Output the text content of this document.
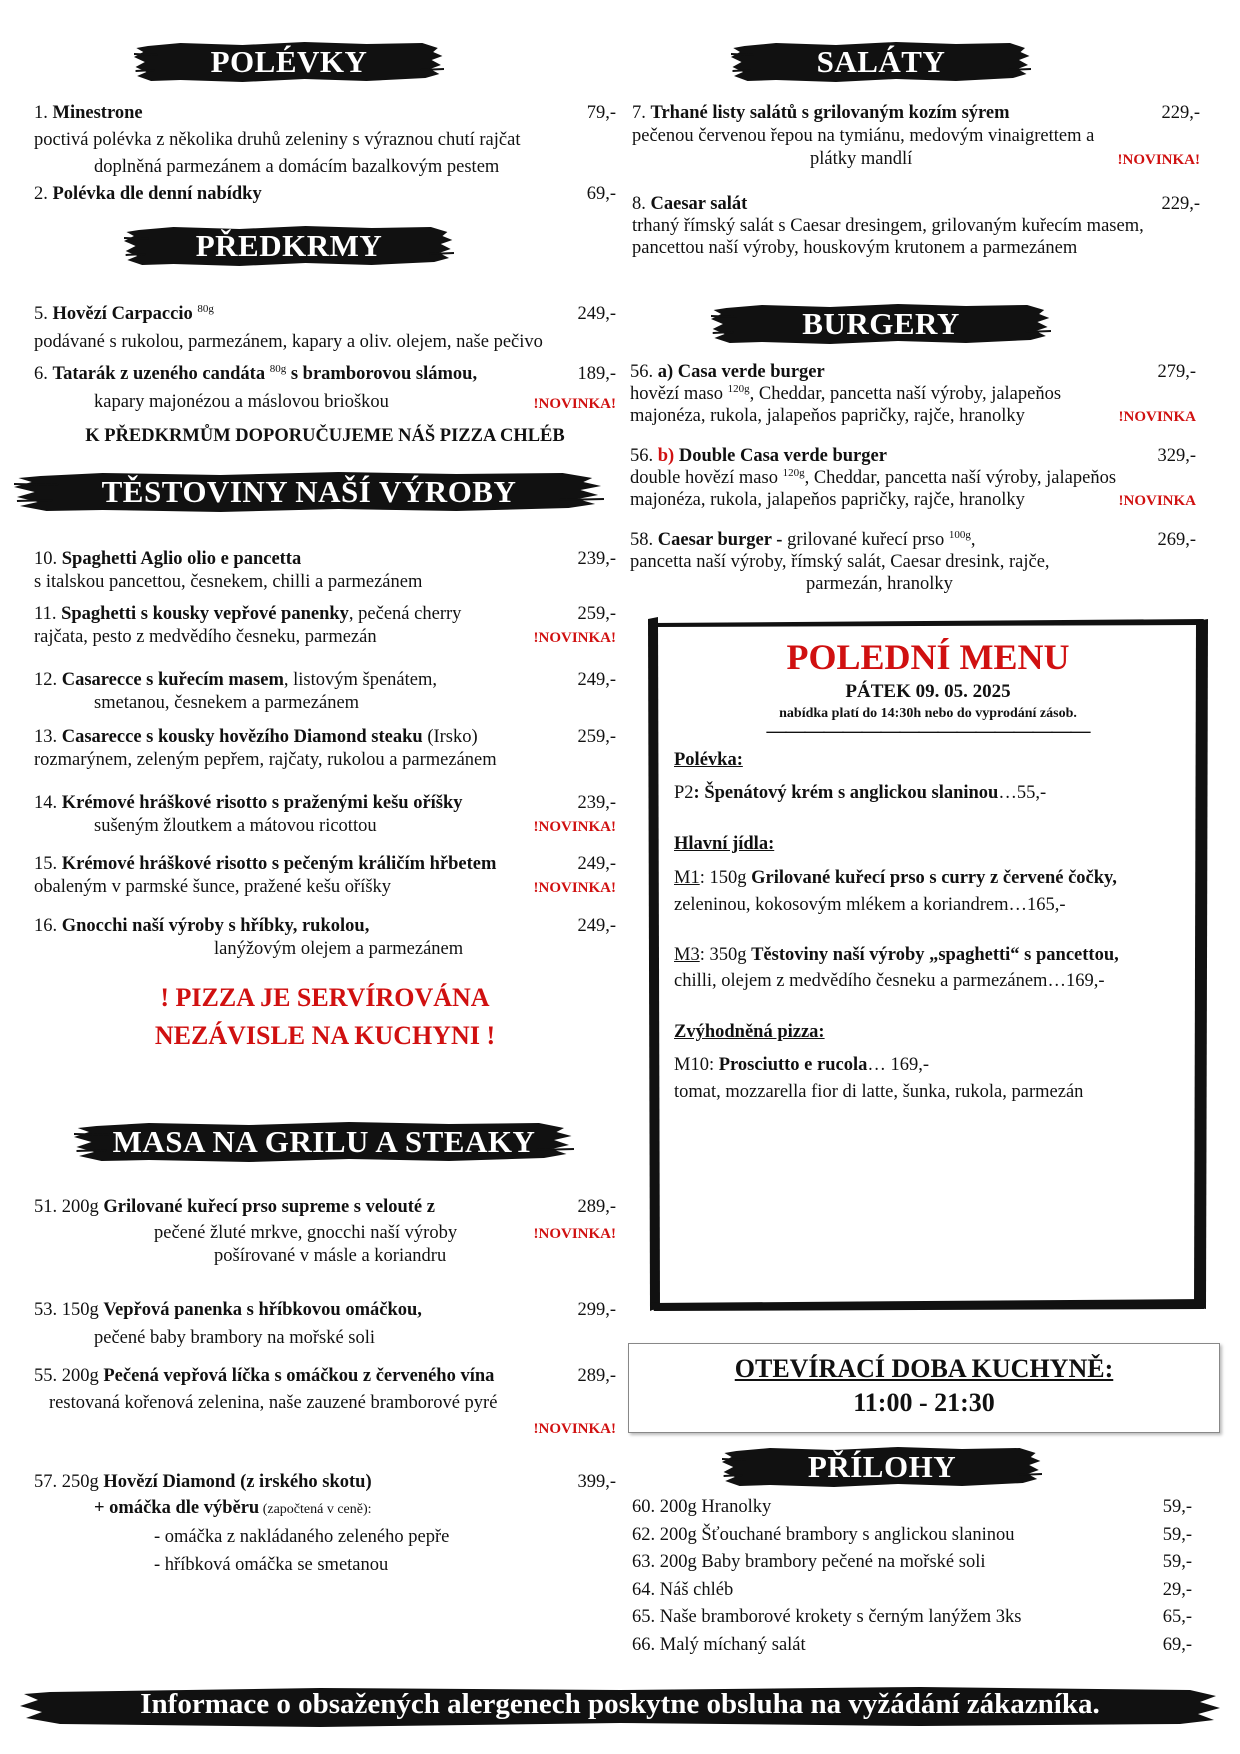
POLÉVKY
1. Minestrone	79,-
poctivá polévka z několika druhů zeleniny s výraznou chutí rajčat
doplněná parmezánem a domácím bazalkovým pestem
2. Polévka dle denní nabídky	69,-
PŘEDKRMY
5. Hovězí Carpaccio $^{80g}$	249,-
podávané s rukolou, parmezánem, kapary a oliv. olejem, naše pečivo
6. Tatarák z uzeného candáta $^{80g}$ s bramborovou slámou,	189,-
kapary majonézou a máslovou brioškou	!NOVINKA!
K PŘEDKRMŮM DOPORUČUJEME NÁŠ PIZZA CHLÉB
TĚSTOVINY NAŠÍ VÝROBY
10. Spaghetti Aglio olio e pancetta	239,-
s italskou pancettou, česnekem, chilli a parmezánem
11. Spaghetti s kousky vepřové panenky, pečená cherry	259,-
rajčata, pesto z medvědího česneku, parmezán	!NOVINKA!
12. Casarecce s kuřecím masem, listovým špenátem,	249,-
smetanou, česnekem a parmezánem
13. Casarecce s kousky hovězího Diamond steaku (Irsko)	259,-
rozmarýnem, zeleným pepřem, rajčaty, rukolou a parmezánem
14. Krémové hráškové risotto s praženými kešu oříšky	239,-
sušeným žloutkem a mátovou ricottou	!NOVINKA!
15. Krémové hráškové risotto s pečeným králičím hřbetem	249,-
obaleným v parmské šunce, pražené kešu oříšky	!NOVINKA!
16. Gnocchi naší výroby s hříbky, rukolou,	249,-
lanýžovým olejem a parmezánem
! PIZZA JE SERVÍROVÁNA
NEZÁVISLE NA KUCHYNI !
MASA NA GRILU A STEAKY
51. 200g Grilované kuřecí prso supreme s velouté z	289,-
pečené žluté mrkve, gnocchi naší výroby	!NOVINKA!
pošírované v másle a koriandru
53. 150g Vepřová panenka s hříbkovou omáčkou,	299,-
pečené baby brambory na mořské soli
55. 200g Pečená vepřová líčka s omáčkou z červeného vína	289,-
restovaná kořenová zelenina, naše zauzené bramborové pyré
!NOVINKA!
57. 250g Hovězí Diamond (z irského skotu)	399,-
+ omáčka dle výběru (započtená v ceně):
- omáčka z nakládaného zeleného pepře
- hříbková omáčka se smetanou
SALÁTY
7. Trhané listy salátů s grilovaným kozím sýrem	229,-
pečenou červenou řepou na tymiánu, medovým vinaigrettem a
plátky mandlí	!NOVINKA!
8. Caesar salát	229,-
trhaný římský salát s Caesar dresingem, grilovaným kuřecím masem,
pancettou naší výroby, houskovým krutonem a parmezánem
BURGERY
56. a) Casa verde burger	279,-
hovězí maso $^{120g}$, Cheddar, pancetta naší výroby, jalapeňos
majonéza, rukola, jalapeňos papričky, rajče, hranolky	!NOVINKA
56. b) Double Casa verde burger	329,-
double hovězí maso $^{120g}$, Cheddar, pancetta naší výroby, jalapeňos
majonéza, rukola, jalapeňos papričky, rajče, hranolky	!NOVINKA
58. Caesar burger - grilované kuřecí prso $^{100g}$,	269,-
pancetta naší výroby, římský salát, Caesar dresink, rajče,
parmezán, hranolky
POLEDNÍ MENU
PÁTEK 09. 05. 2025
nabídka platí do 14:30h nebo do vyprodání zásob.
—————————————————
Polévka:
P2: Špenátový krém s anglickou slaninou…55,-
Hlavní jídla:
M1: 150g Grilované kuřecí prso s curry z červené čočky,
zeleninou, kokosovým mlékem a koriandrem…165,-
M3: 350g Těstoviny naší výroby „spaghetti“ s pancettou,
chilli, olejem z medvědího česneku a parmezánem…169,-
Zvýhodněná pizza:
M10: Prosciutto e rucola… 169,-
tomat, mozzarella fior di latte, šunka, rukola, parmezán
OTEVÍRACÍ DOBA KUCHYNĚ:
11:00 - 21:30
PŘÍLOHY
60. 200g Hranolky	59,-
62. 200g Šťouchané brambory s anglickou slaninou	59,-
63. 200g Baby brambory pečené na mořské soli	59,-
64. Náš chléb	29,-
65. Naše bramborové krokety s černým lanýžem 3ks	65,-
66. Malý míchaný salát	69,-
Informace o obsažených alergenech poskytne obsluha na vyžádání zákazníka.
